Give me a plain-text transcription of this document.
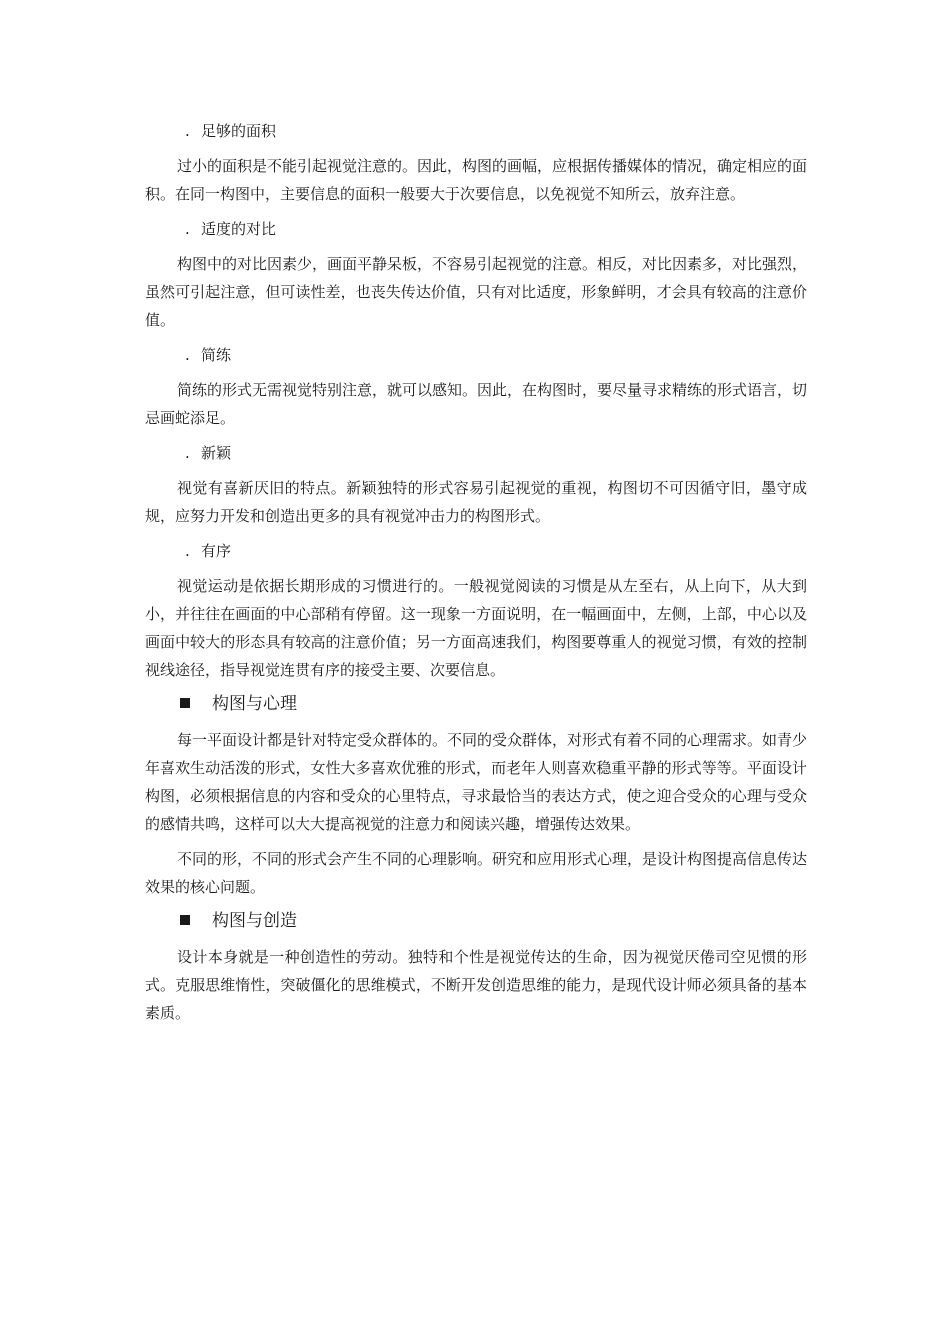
. 足够的面积

过小的面积是不能引起视觉注意的。因此，构图的画幅，应根据传播媒体的情况，确定相应的面积。在同一构图中，主要信息的面积一般要大于次要信息，以免视觉不知所云，放弃注意。

. 适度的对比

构图中的对比因素少，画面平静呆板，不容易引起视觉的注意。相反，对比因素多，对比强烈，虽然可引起注意，但可读性差，也丧失传达价值，只有对比适度，形象鲜明，才会具有较高的注意价值。

. 简练

简练的形式无需视觉特别注意，就可以感知。因此，在构图时，要尽量寻求精练的形式语言，切忌画蛇添足。

. 新颖

视觉有喜新厌旧的特点。新颖独特的形式容易引起视觉的重视，构图切不可因循守旧，墨守成规，应努力开发和创造出更多的具有视觉冲击力的构图形式。

. 有序

视觉运动是依据长期形成的习惯进行的。一般视觉阅读的习惯是从左至右，从上向下，从大到小，并往往在画面的中心部稍有停留。这一现象一方面说明，在一幅画面中，左侧，上部，中心以及画面中较大的形态具有较高的注意价值；另一方面高速我们，构图要尊重人的视觉习惯，有效的控制视线途径，指导视觉连贯有序的接受主要、次要信息。

构图与心理

每一平面设计都是针对特定受众群体的。不同的受众群体，对形式有着不同的心理需求。如青少年喜欢生动活泼的形式，女性大多喜欢优雅的形式，而老年人则喜欢稳重平静的形式等等。平面设计构图，必须根据信息的内容和受众的心里特点，寻求最恰当的表达方式，使之迎合受众的心理与受众的感情共鸣，这样可以大大提高视觉的注意力和阅读兴趣，增强传达效果。

不同的形，不同的形式会产生不同的心理影响。研究和应用形式心理，是设计构图提高信息传达效果的核心问题。

构图与创造

设计本身就是一种创造性的劳动。独特和个性是视觉传达的生命，因为视觉厌倦司空见惯的形式。克服思维惰性，突破僵化的思维模式，不断开发创造思维的能力，是现代设计师必须具备的基本素质。
